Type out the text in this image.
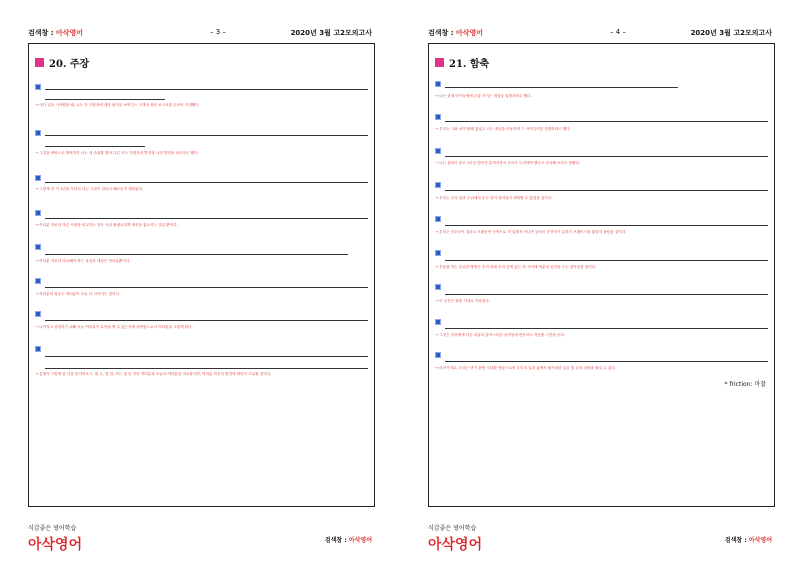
검색창 : 아삭영어	– 3 –	2020년 3월 고2모의고사
20. 주장
→ 내가 일을 시작했을 때, 나는 각 지원자에 대한 평가를 보여주는 고객의 장단 보고서를 손보아 기대했다.
→ 그것을 바탕으로 받아하기 나는 내 순위를 찾아 다른 모든 지원자의 발전과 나의 발전을 비교하곤 했다.
→ 그렇게 한 지 1년을 지나서 나는 그것이 얼마나 해로운지 깨달았다.
→ 여러분 자신과 다른 사람을 비교하는 것은 사실 불필요하게 정신을 흩트리는 것일 뿐이다.
→ 여러분 자신과 비교해야 하는 유일한 대상은 여러분뿐이다.
→ 여러분의 임무는 여러분이 오늘 더 나아지는 것이다.
→ 나아지고 성장하기 위해 오늘 여러분이 무엇을 할 수 있는가에 집중함으로서 여러분을 그렇게 한다.
→ 총명이 그렇게 한 다음 돌이켜보고, 몇 주, 몇 달, 또는 몇 년 전의 여러분과 오늘의 여러분을 비교한다면, 여러분 자신의 발전에 대단히 고무될 것이다.
식감좋은 영어학습
아삭영어	검색창 : 아삭영어
검색창 : 아삭영어	– 4 –	2020년 3월 고2모의고사
21. 함축
→ 나는 한때 아이들에게 돈을 지키는 개념을 설명하려고 했다.
→ 우리는 그와 차이 할께 있었고 나는 게임을 이용하여 그 아이디어를 설명하려고 했다.
→ 나는 접촉이 잘고 1마일 떨어진 휴게지까지 우리가 도전하며 했다고 상상해 보라고 말했다.
→ 우리는 우리 앞과 주위에서 무슨 일이 일어날지 계획할 수 없었을 것이다.
→ 우리는 신호등이 얼마나 오랫동안 녹색으로 켜 있을지 아니면 앞차의 순전자가 갑자기 브레이크를 밟을지 몰랐을 것이다.
→ 후물을 막는 유일한 방법은 우리 차와 우리 앞에 있는 차 사이에 여분의 공간을 두는 것이었을 것이다.
→ 이 공간은 완충 지대로 작용한다.
→ 그것은 우리에게 다른 차들의 갑작스러운 움직임에 반응하고 적응할 시간을 준다.
→ 마찬가지로, 우리는 만기 완충 지대를 만듦으로써 우리의 일과 삶에서 불가피한 일들 및 돈의 마찰을 줄일 수 있다.
* friction: 마찰
식감좋은 영어학습
아삭영어	검색창 : 아삭영어
